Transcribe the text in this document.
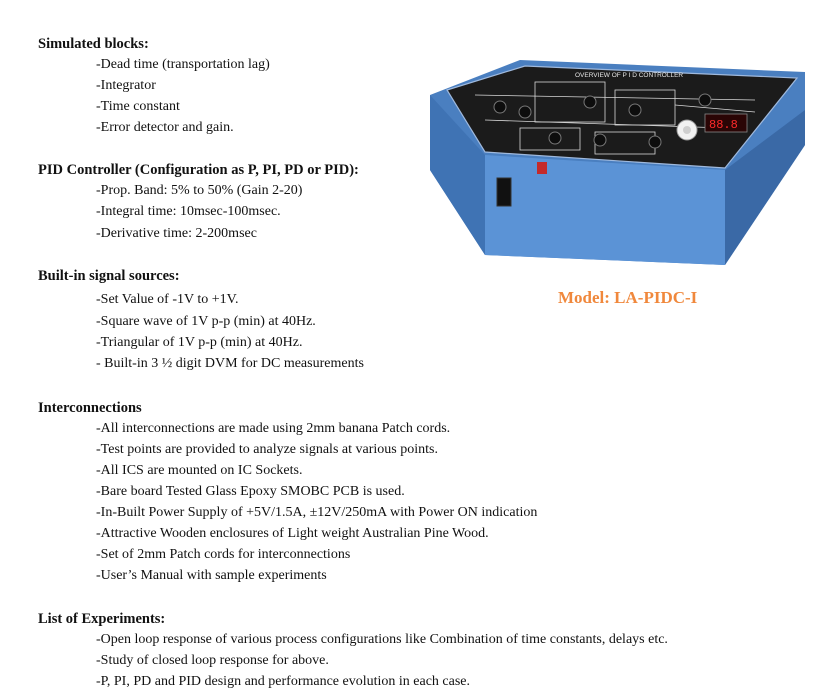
Simulated blocks:
-Dead time (transportation lag)
-Integrator
-Time constant
-Error detector and gain.
PID Controller (Configuration as P, PI, PD or PID):
-Prop. Band: 5% to 50% (Gain 2-20)
-Integral time: 10msec-100msec.
-Derivative time: 2-200msec
Built-in signal sources:
-Set Value of -1V to +1V.
-Square wave of 1V p-p (min) at 40Hz.
-Triangular of 1V p-p (min) at 40Hz.
- Built-in 3 ½ digit DVM for DC measurements
Interconnections
-All interconnections are made using 2mm banana Patch cords.
-Test points are provided to analyze signals at various points.
-All ICS are mounted on IC Sockets.
-Bare board Tested Glass Epoxy SMOBC PCB is used.
-In-Built Power Supply of +5V/1.5A, ±12V/250mA with Power ON indication
-Attractive Wooden enclosures of Light weight Australian Pine Wood.
-Set of 2mm Patch cords for interconnections
-User’s Manual with sample experiments
List of Experiments:
-Open loop response of various process configurations like Combination of time constants, delays etc.
-Study of closed loop response for above.
-P, PI, PD and PID design and performance evolution in each case.
Model: LA-PIDC-I
OVERVIEW OF P I D CONTROLLER
88.8
